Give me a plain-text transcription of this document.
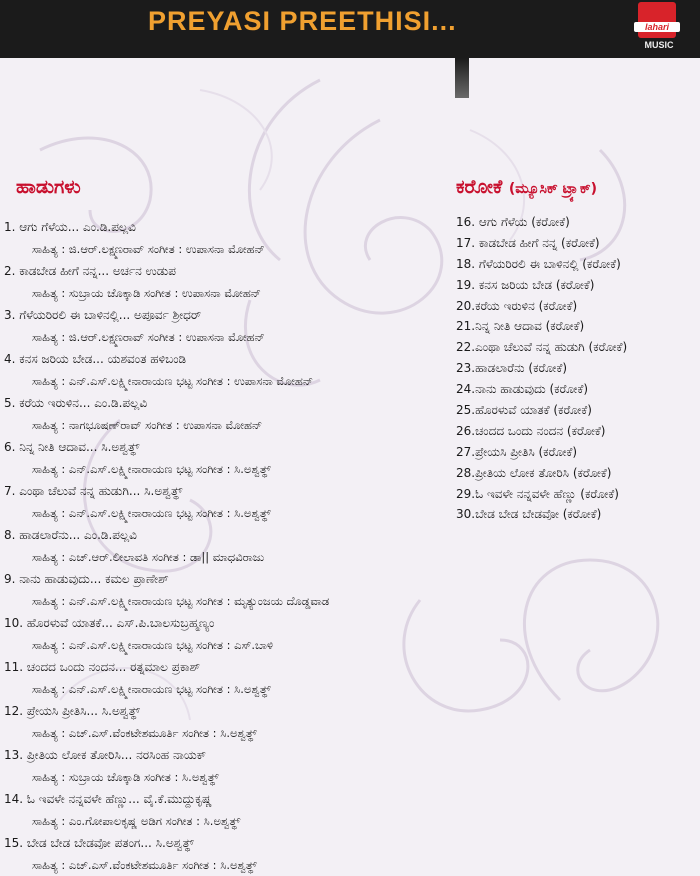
PREYASI PREETHISI...	lahari
MUSIC
ಹಾಡುಗಳು	ಕರೋಕೆ (ಮ್ಯೂಸಿಕ್ ಟ್ರ್ಯಾಕ್)
1. ಆಗು ಗೆಳೆಯ... ಎಂ.ಡಿ.ಪಲ್ಲವಿ
ಸಾಹಿತ್ಯ : ಜಿ.ಆರ್.ಲಕ್ಷ್ಮಣರಾವ್ ಸಂಗೀತ : ಉಪಾಸನಾ ಮೋಹನ್
2. ಕಾಡಬೇಡ ಹೀಗೆ ನನ್ನ... ಅರ್ಚನ ಉಡುಪ
ಸಾಹಿತ್ಯ : ಸುಬ್ರಾಯ ಚೊಕ್ಕಾಡಿ ಸಂಗೀತ : ಉಪಾಸನಾ ಮೋಹನ್
3. ಗೆಳೆಯರಿರಲಿ ಈ ಬಾಳಿನಲ್ಲಿ... ಅಪೂರ್ವ ಶ್ರೀಧರ್
ಸಾಹಿತ್ಯ : ಜಿ.ಆರ್.ಲಕ್ಷ್ಮಣರಾವ್ ಸಂಗೀತ : ಉಪಾಸನಾ ಮೋಹನ್
4. ಕನಸ ಜರಿಯ ಬೇಡ... ಯಶವಂತ ಹಳಿಬಂಡಿ
ಸಾಹಿತ್ಯ : ಎನ್.ಎಸ್.ಲಕ್ಷ್ಮೀನಾರಾಯಣ ಭಟ್ಟ ಸಂಗೀತ : ಉಪಾಸನಾ ಮೋಹನ್
5. ಕರೆಯ ಇರುಳಿನ... ಎಂ.ಡಿ.ಪಲ್ಲವಿ
ಸಾಹಿತ್ಯ : ನಾಗಭೂಷಣ್‌ರಾವ್ ಸಂಗೀತ : ಉಪಾಸನಾ ಮೋಹನ್
6. ನಿನ್ನ ನೀತಿ ಆದಾವ... ಸಿ.ಅಶ್ವತ್ಥ್
ಸಾಹಿತ್ಯ : ಎನ್.ಎಸ್.ಲಕ್ಷ್ಮೀನಾರಾಯಣ ಭಟ್ಟ ಸಂಗೀತ : ಸಿ.ಅಶ್ವತ್ಥ್
7. ಎಂಥಾ ಚೆಲುವೆ ನನ್ನ ಹುಡುಗಿ... ಸಿ.ಅಶ್ವತ್ಥ್
ಸಾಹಿತ್ಯ : ಎನ್.ಎಸ್.ಲಕ್ಷ್ಮೀನಾರಾಯಣ ಭಟ್ಟ ಸಂಗೀತ : ಸಿ.ಅಶ್ವತ್ಥ್
8. ಹಾಡಲಾರೆನು... ಎಂ.ಡಿ.ಪಲ್ಲವಿ
ಸಾಹಿತ್ಯ : ಎಚ್.ಆರ್.ಲೀಲಾವತಿ ಸಂಗೀತ : ಡಾ|| ಮಾಧವಿರಾಜು
9. ನಾನು ಹಾಡುವುದು... ಕಮಲ ಪ್ರಾಣೇಶ್
ಸಾಹಿತ್ಯ : ಎನ್.ಎಸ್.ಲಕ್ಷ್ಮೀನಾರಾಯಣ ಭಟ್ಟ ಸಂಗೀತ : ಮೃತ್ಯುಂಜಯ ದೊಡ್ಡವಾಡ
10. ಹೊರಳುವೆ ಯಾತಕೆ... ಎಸ್.ಪಿ.ಬಾಲಸುಬ್ರಹ್ಮಣ್ಯಂ
ಸಾಹಿತ್ಯ : ಎನ್.ಎಸ್.ಲಕ್ಷ್ಮೀನಾರಾಯಣ ಭಟ್ಟ ಸಂಗೀತ : ಎಸ್.ಬಾಳಿ
11. ಚಂದದ ಒಂದು ನಂದನ... ರತ್ನಮಾಲ ಪ್ರಕಾಶ್
ಸಾಹಿತ್ಯ : ಎನ್.ಎಸ್.ಲಕ್ಷ್ಮೀನಾರಾಯಣ ಭಟ್ಟ ಸಂಗೀತ : ಸಿ.ಅಶ್ವತ್ಥ್
12. ಪ್ರೇಯಸಿ ಪ್ರೀತಿಸಿ... ಸಿ.ಅಶ್ವತ್ಥ್
ಸಾಹಿತ್ಯ : ಎಚ್.ಎಸ್.ವೆಂಕಟೇಶಮೂರ್ತಿ ಸಂಗೀತ : ಸಿ.ಅಶ್ವತ್ಥ್
13. ಪ್ರೀತಿಯ ಲೋಕ ತೋರಿಸಿ... ನರಸಿಂಹ ನಾಯಕ್
ಸಾಹಿತ್ಯ : ಸುಬ್ರಾಯ ಚೊಕ್ಕಾಡಿ ಸಂಗೀತ : ಸಿ.ಅಶ್ವತ್ಥ್
14. ಓ ಇವಳೇ ನನ್ನವಳೇ ಹೆಣ್ಣು... ವೈ.ಕೆ.ಮುದ್ದುಕೃಷ್ಣ
ಸಾಹಿತ್ಯ : ಎಂ.ಗೋಪಾಲಕೃಷ್ಣ ಅಡಿಗ ಸಂಗೀತ : ಸಿ.ಅಶ್ವತ್ಥ್
15. ಬೇಡ ಬೇಡ ಬೇಡವೋ ಪತಂಗ... ಸಿ.ಅಶ್ವತ್ಥ್
ಸಾಹಿತ್ಯ : ಎಚ್.ಎಸ್.ವೆಂಕಟೇಶಮೂರ್ತಿ ಸಂಗೀತ : ಸಿ.ಅಶ್ವತ್ಥ್
16. ಆಗು ಗೆಳೆಯ (ಕರೋಕೆ)
17. ಕಾಡಬೇಡ ಹೀಗೆ ನನ್ನ (ಕರೋಕೆ)
18. ಗೆಳೆಯರಿರಲಿ ಈ ಬಾಳಿನಲ್ಲಿ (ಕರೋಕೆ)
19. ಕನಸ ಜರಿಯ ಬೇಡ (ಕರೋಕೆ)
20.ಕರೆಯ ಇರುಳಿನ (ಕರೋಕೆ)
21.ನಿನ್ನ ನೀತಿ ಆದಾವ (ಕರೋಕೆ)
22.ಎಂಥಾ ಚೆಲುವೆ ನನ್ನ ಹುಡುಗಿ (ಕರೋಕೆ)
23.ಹಾಡಲಾರೆನು (ಕರೋಕೆ)
24.ನಾನು ಹಾಡುವುದು (ಕರೋಕೆ)
25.ಹೊರಳುವೆ ಯಾತಕೆ (ಕರೋಕೆ)
26.ಚಂದದ ಒಂದು ನಂದನ (ಕರೋಕೆ)
27.ಪ್ರೇಯಸಿ ಪ್ರೀತಿಸಿ (ಕರೋಕೆ)
28.ಪ್ರೀತಿಯ ಲೋಕ ತೋರಿಸಿ (ಕರೋಕೆ)
29.ಓ ಇವಳೇ ನನ್ನವಳೇ ಹೆಣ್ಣು (ಕರೋಕೆ)
30.ಬೇಡ ಬೇಡ ಬೇಡವೋ (ಕರೋಕೆ)
